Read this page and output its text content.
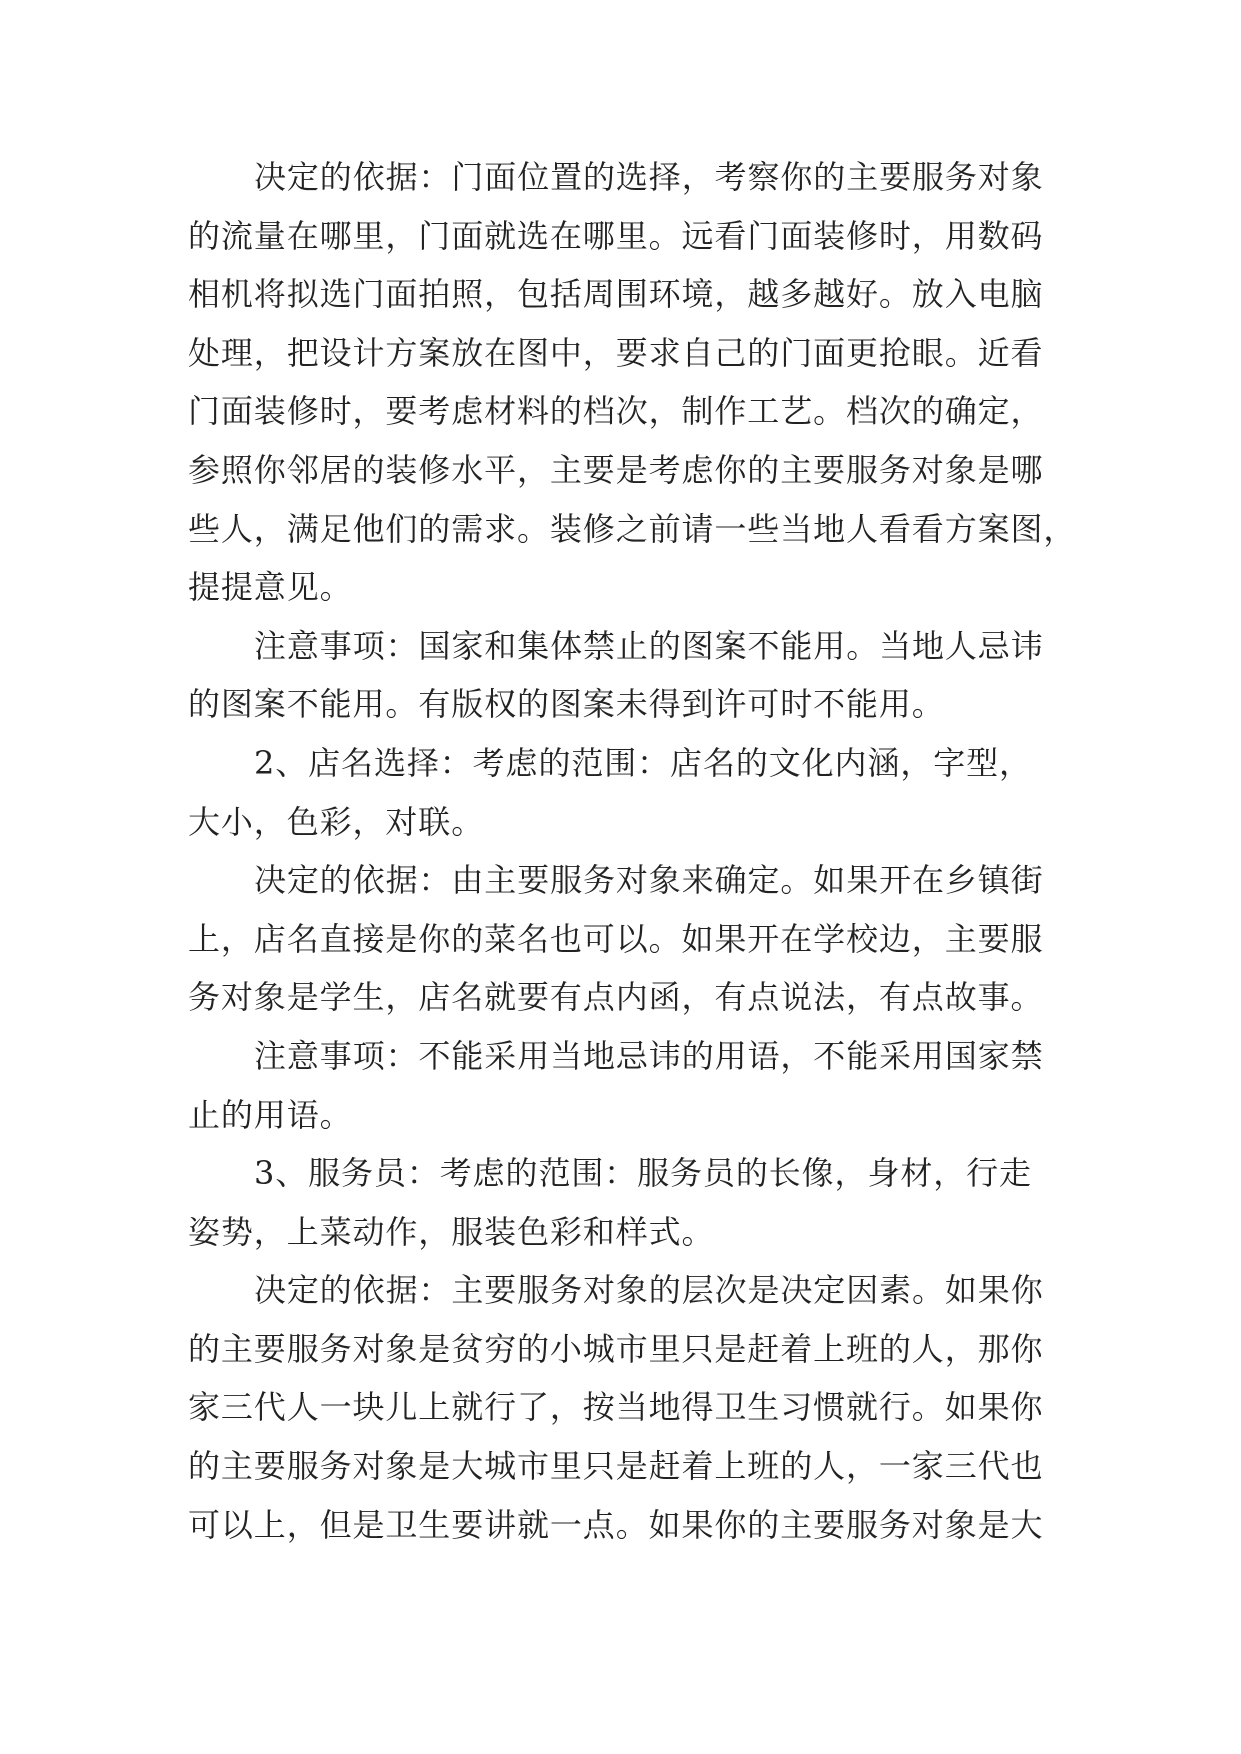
决定的依据：门面位置的选择，考察你的主要服务对象
的流量在哪里，门面就选在哪里。远看门面装修时，用数码
相机将拟选门面拍照，包括周围环境，越多越好。放入电脑
处理，把设计方案放在图中，要求自己的门面更抢眼。近看
门面装修时，要考虑材料的档次，制作工艺。档次的确定，
参照你邻居的装修水平，主要是考虑你的主要服务对象是哪
些人，满足他们的需求。装修之前请一些当地人看看方案图，
提提意见。
注意事项：国家和集体禁止的图案不能用。当地人忌讳
的图案不能用。有版权的图案未得到许可时不能用。
2、店名选择：考虑的范围：店名的文化内涵，字型，
大小，色彩，对联。
决定的依据：由主要服务对象来确定。如果开在乡镇街
上，店名直接是你的菜名也可以。如果开在学校边，主要服
务对象是学生，店名就要有点内函，有点说法，有点故事。
注意事项：不能采用当地忌讳的用语，不能采用国家禁
止的用语。
3、服务员：考虑的范围：服务员的长像，身材，行走
姿势，上菜动作，服装色彩和样式。
决定的依据：主要服务对象的层次是决定因素。如果你
的主要服务对象是贫穷的小城市里只是赶着上班的人，那你
家三代人一块儿上就行了，按当地得卫生习惯就行。如果你
的主要服务对象是大城市里只是赶着上班的人，一家三代也
可以上，但是卫生要讲就一点。如果你的主要服务对象是大
